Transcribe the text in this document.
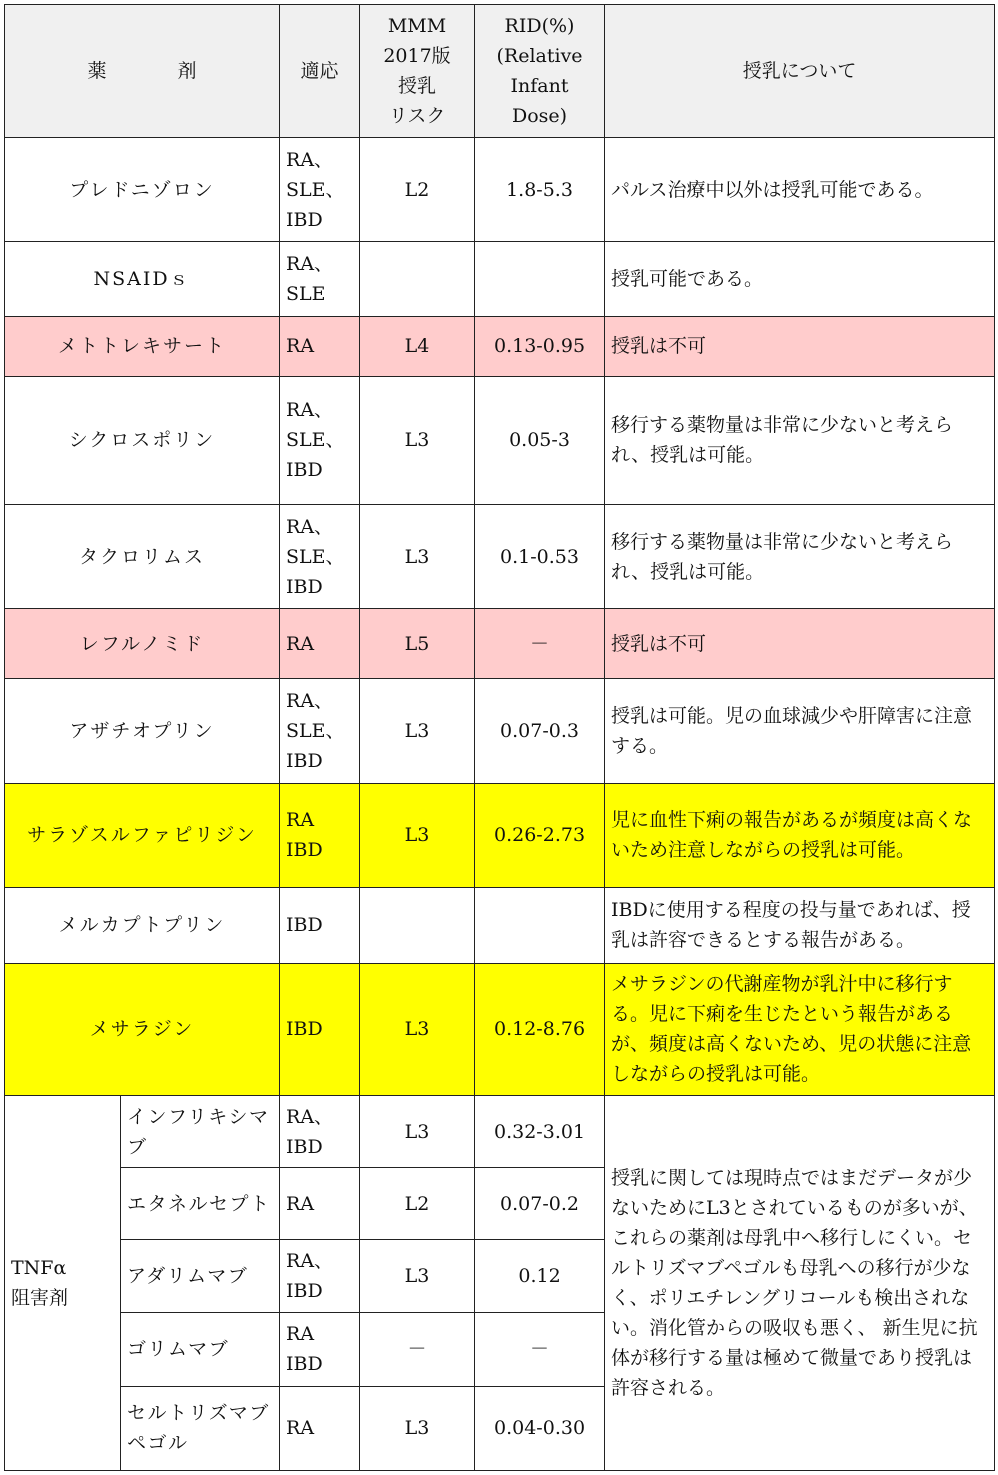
薬　剤		適応	MMM
2017版
授乳
リスク	RID(%)
(Relative
Infant
Dose)	授乳について
プレドニゾロン		RA、
SLE、
IBD	L2	1.8-5.3	パルス治療中以外は授乳可能である。
NSAIDｓ		RA、
SLE			授乳可能である。
メトトレキサート		RA	L4	0.13-0.95	授乳は不可
シクロスポリン		RA、
SLE、
IBD	L3	0.05-3	移行する薬物量は非常に少ないと考えられ、授乳は可能。
タクロリムス		RA、
SLE、
IBD	L3	0.1-0.53	移行する薬物量は非常に少ないと考えられ、授乳は可能。
レフルノミド		RA	L5	－	授乳は不可
アザチオプリン		RA、
SLE、
IBD	L3	0.07-0.3	授乳は可能。児の血球減少や肝障害に注意する。
サラゾスルファピリジン		RA
IBD	L3	0.26-2.73	児に血性下痢の報告があるが頻度は高くないため注意しながらの授乳は可能。
メルカプトプリン		IBD			IBDに使用する程度の投与量であれば、授乳は許容できるとする報告がある。
メサラジン		IBD	L3	0.12-8.76	メサラジンの代謝産物が乳汁中に移行する。児に下痢を生じたという報告があるが、頻度は高くないため、児の状態に注意しながらの授乳は可能。

TNFα
阻害剤	インフリキシマブ	RA、
IBD	L3	0.32-3.01	授乳に関しては現時点ではまだデータが少ないためにL3とされているものが多いが、これらの薬剤は母乳中へ移行しにくい。セルトリズマブペゴルも母乳への移行が少なく、ポリエチレングリコールも検出されない。消化管からの吸収も悪く、 新生児に抗体が移行する量は極めて微量であり授乳は許容される。
	エタネルセプト	RA	L2	0.07-0.2	
	アダリムマブ	RA、
IBD	L3	0.12	
	ゴリムマブ	RA
IBD	－	－	
	セルトリズマブペゴル	RA	L3	0.04-0.30	
